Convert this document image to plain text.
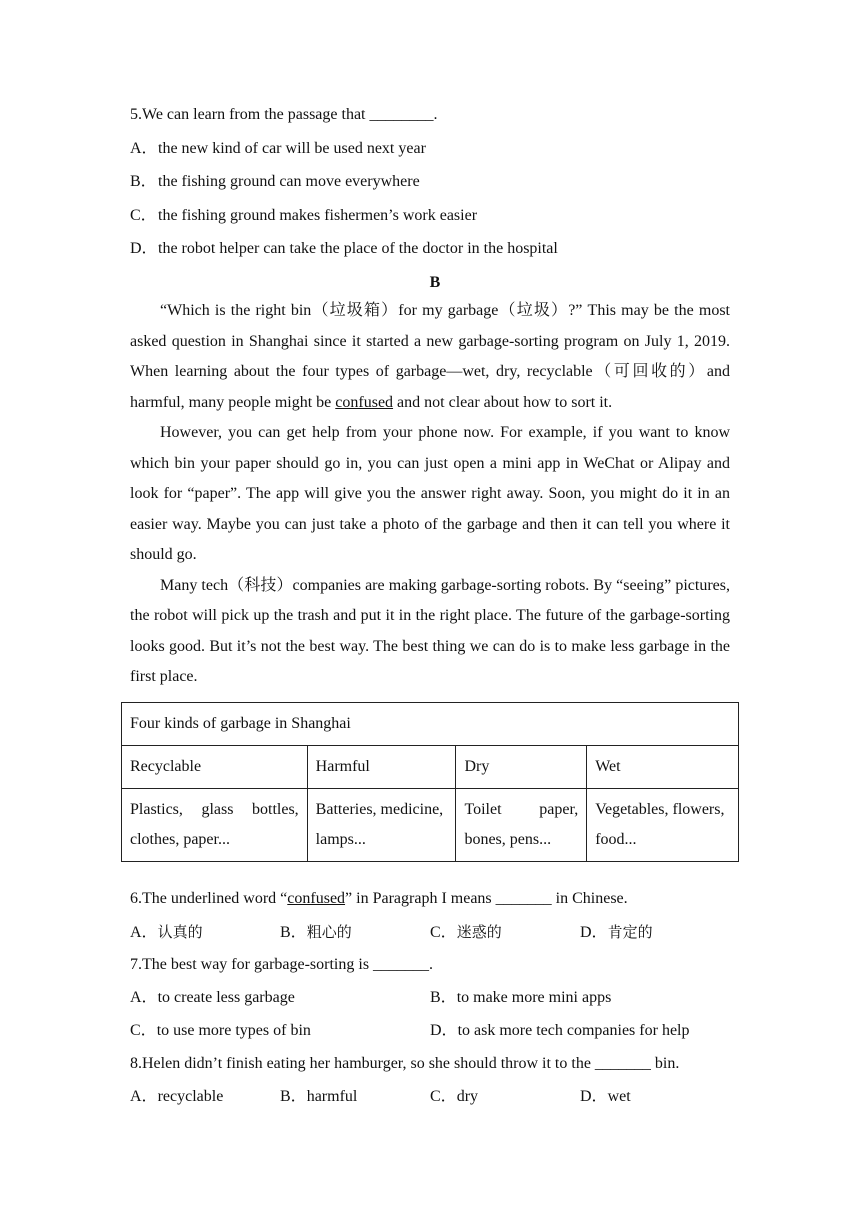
5.We can learn from the passage that ________.
A．the new kind of car will be used next year
B．the fishing ground can move everywhere
C．the fishing ground makes fishermen’s work easier
D．the robot helper can take the place of the doctor in the hospital
B

“Which is the right bin（垃圾箱）for my garbage（垃圾）?” This may be the most asked question in Shanghai since it started a new garbage-sorting program on July 1, 2019. When learning about the four types of garbage—wet, dry, recyclable（可回收的）and harmful, many people might be confused and not clear about how to sort it.

However, you can get help from your phone now. For example, if you want to know which bin your paper should go in, you can just open a mini app in WeChat or Alipay and look for “paper”. The app will give you the answer right away. Soon, you might do it in an easier way. Maybe you can just take a photo of the garbage and then it can tell you where it should go.

Many tech（科技）companies are making garbage-sorting robots. By “seeing” pictures, the robot will pick up the trash and put it in the right place. The future of the garbage-sorting looks good. But it’s not the best way. The best thing we can do is to make less garbage in the first place.

Four kinds of garbage in Shanghai			
Recyclable	Harmful	Dry	Wet
Plastics, glass bottles, clothes, paper...	Batteries, medicine, lamps...	Toilet paper, bones, pens...	Vegetables, flowers, food...
6.The underlined word “confused” in Paragraph I means _______ in Chinese.
A．认真的	B．粗心的	C．迷惑的	D．肯定的
7.The best way for garbage-sorting is _______.
A．to create less garbage	B．to make more mini apps
C．to use more types of bin	D．to ask more tech companies for help
8.Helen didn’t finish eating her hamburger, so she should throw it to the _______ bin.
A．recyclable	B．harmful	C．dry	D．wet
